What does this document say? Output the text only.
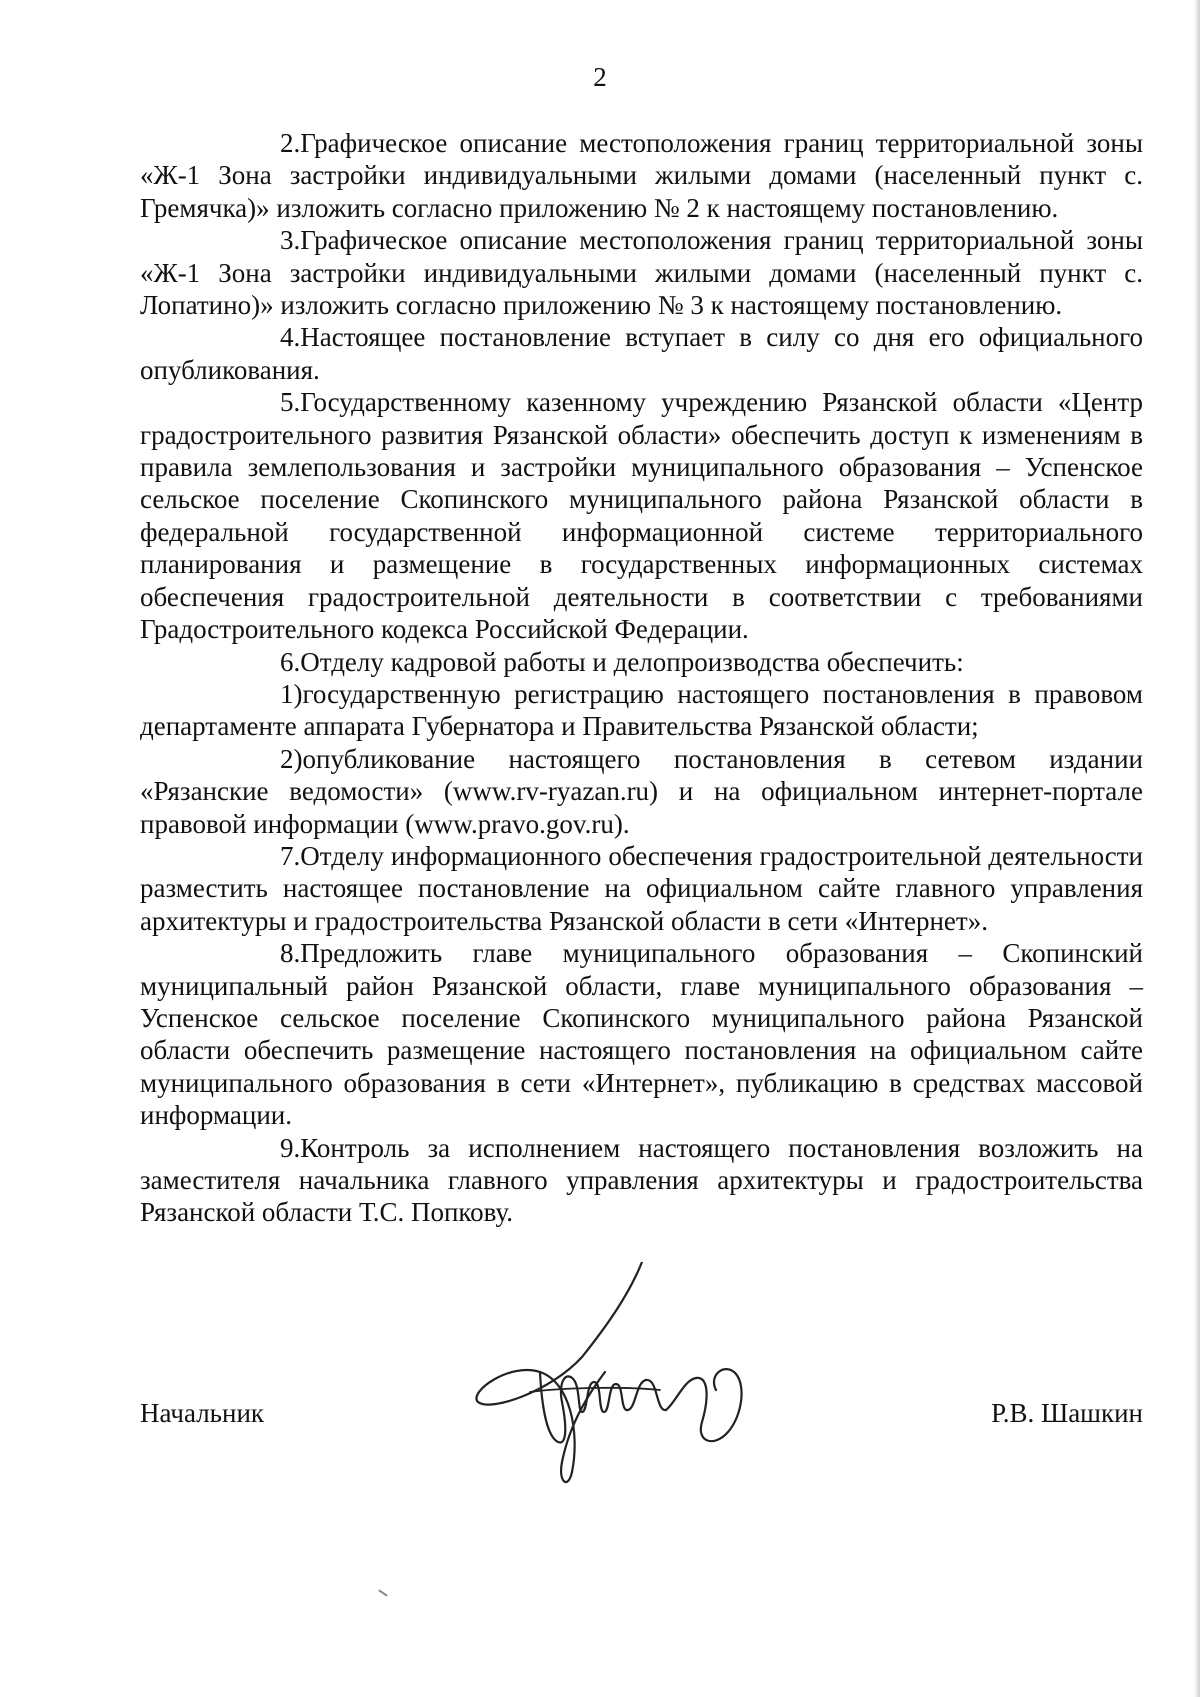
2

2.Графическое описание местоположения границ территориальной зоны «Ж-1 Зона застройки индивидуальными жилыми домами (населенный пункт с. Гремячка)» изложить согласно приложению № 2 к настоящему постановлению.

3.Графическое описание местоположения границ территориальной зоны «Ж-1 Зона застройки индивидуальными жилыми домами (населенный пункт с. Лопатино)» изложить согласно приложению № 3 к настоящему постановлению.

4.Настоящее постановление вступает в силу со дня его официального опубликования.

5.Государственному казенному учреждению Рязанской области «Центр градостроительного развития Рязанской области» обеспечить доступ к изменениям в правила землепользования и застройки муниципального образования – Успенское сельское поселение Скопинского муниципального района Рязанской области в федеральной государственной информационной системе территориального планирования и размещение в государственных информационных системах обеспечения градостроительной деятельности в соответствии с требованиями Градостроительного кодекса Российской Федерации.

6.Отделу кадровой работы и делопроизводства обеспечить:

1)государственную регистрацию настоящего постановления в правовом департаменте аппарата Губернатора и Правительства Рязанской области;

2)опубликование настоящего постановления в сетевом издании «Рязанские ведомости» (www.rv-ryazan.ru) и на официальном интернет-портале правовой информации (www.pravo.gov.ru).

7.Отделу информационного обеспечения градостроительной деятельности разместить настоящее постановление на официальном сайте главного управления архитектуры и градостроительства Рязанской области в сети «Интернет».

8.Предложить главе муниципального образования – Скопинский муниципальный район Рязанской области, главе муниципального образования – Успенское сельское поселение Скопинского муниципального района Рязанской области обеспечить размещение настоящего постановления на официальном сайте муниципального образования в сети «Интернет», публикацию в средствах массовой информации.

9.Контроль за исполнением настоящего постановления возложить на заместителя начальника главного управления архитектуры и градостроительства Рязанской области Т.С. Попкову.

Начальник	Р.В. Шашкин
